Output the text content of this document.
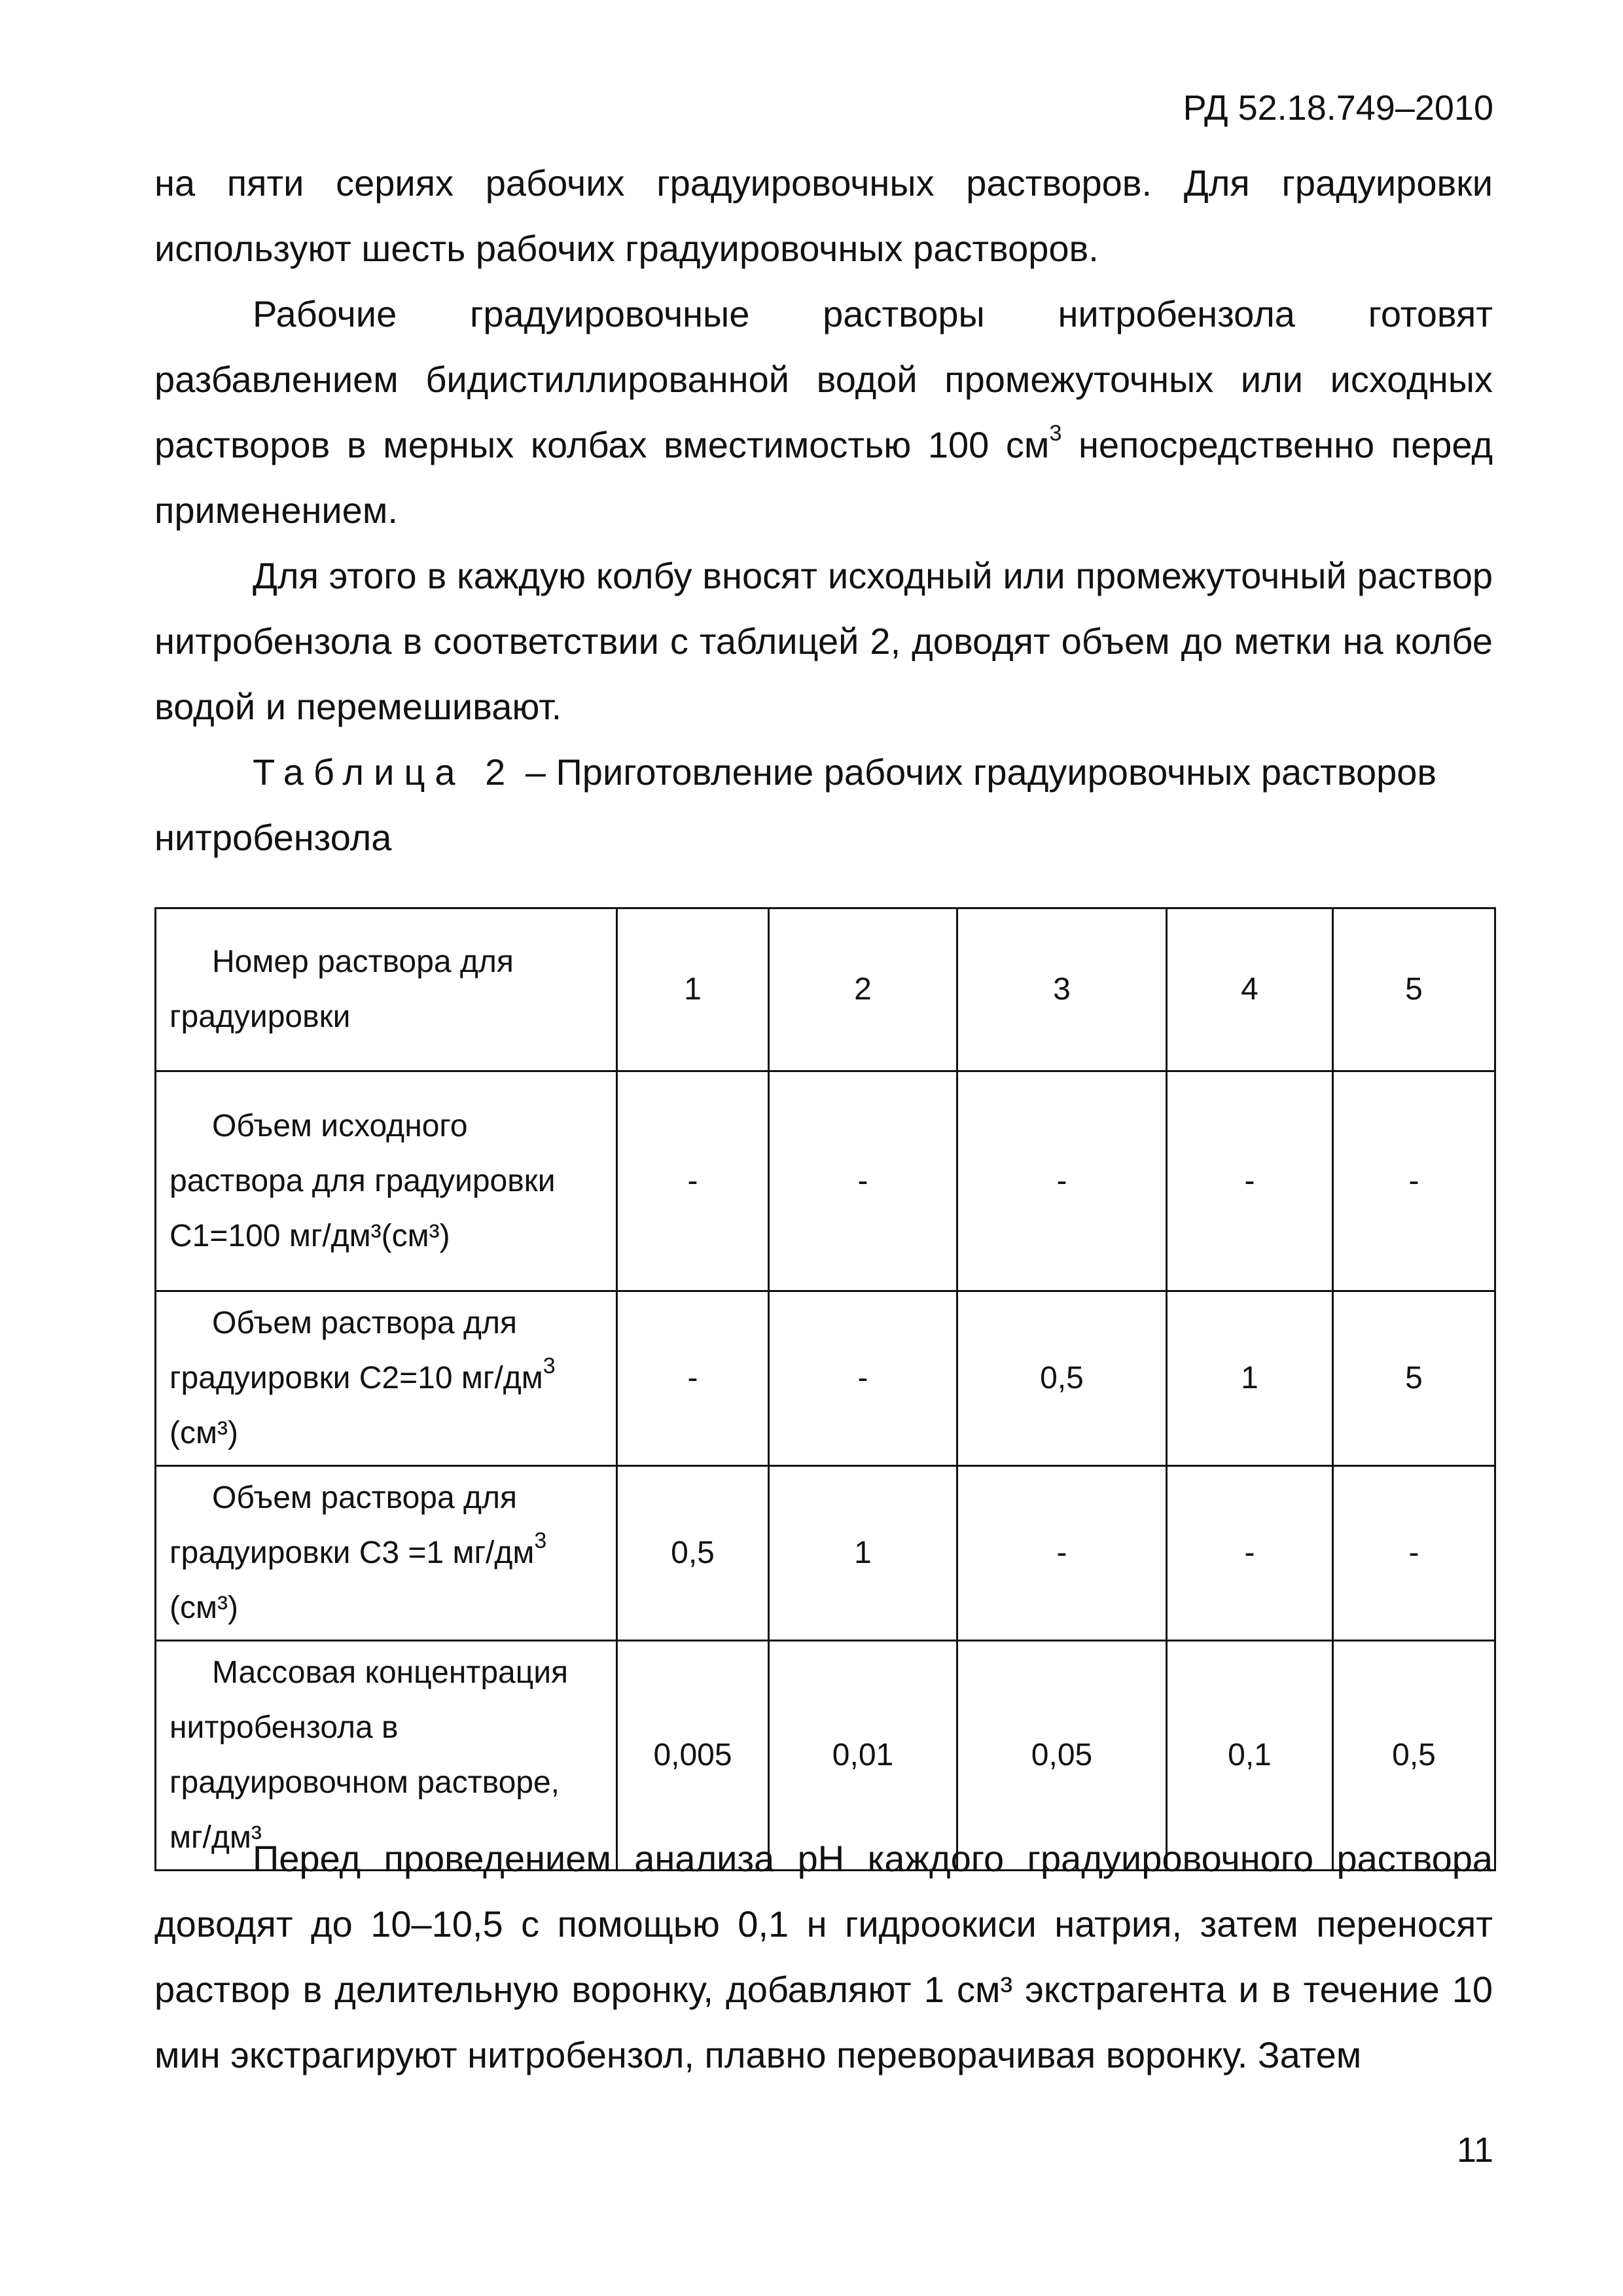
РД 52.18.749–2010

на пяти сериях рабочих градуировочных растворов. Для градуировки используют шесть рабочих градуировочных растворов.

Рабочие градуировочные растворы нитробензола готовят разбавлением бидистиллированной водой промежуточных или исходных растворов в мерных колбах вместимостью 100 $см^3$ непосредственно перед применением.

Для этого в каждую колбу вносят исходный или промежуточный раствор нитробензола в соответствии с таблицей 2, доводят объем до метки на колбе водой и перемешивают.

Таблица 2 – Приготовление рабочих градуировочных растворов нитробензола

Номер раствора для градуировки	1	2	3	4	5

Объем исходного раствора для градуировки C1=100 мг/дм³(см³)	-	-	-	-	-

Объем раствора для градуировки C2=10 $мг/дм^3$ (см³)	-	-	0,5	1	5

Объем раствора для градуировки C3 =1 $мг/дм^3$ (см³)	0,5	1	-	-	-

Массовая концентрация нитробензола в градуировочном растворе, мг/дм³	0,005	0,01	0,05	0,1	0,5

Перед проведением анализа pH каждого градуировочного раствора доводят до 10–10,5 с помощью 0,1 н гидроокиси натрия, затем переносят раствор в делительную воронку, добавляют 1 см³ экстрагента и в течение 10 мин экстрагируют нитробензол, плавно переворачивая воронку. Затем

11
